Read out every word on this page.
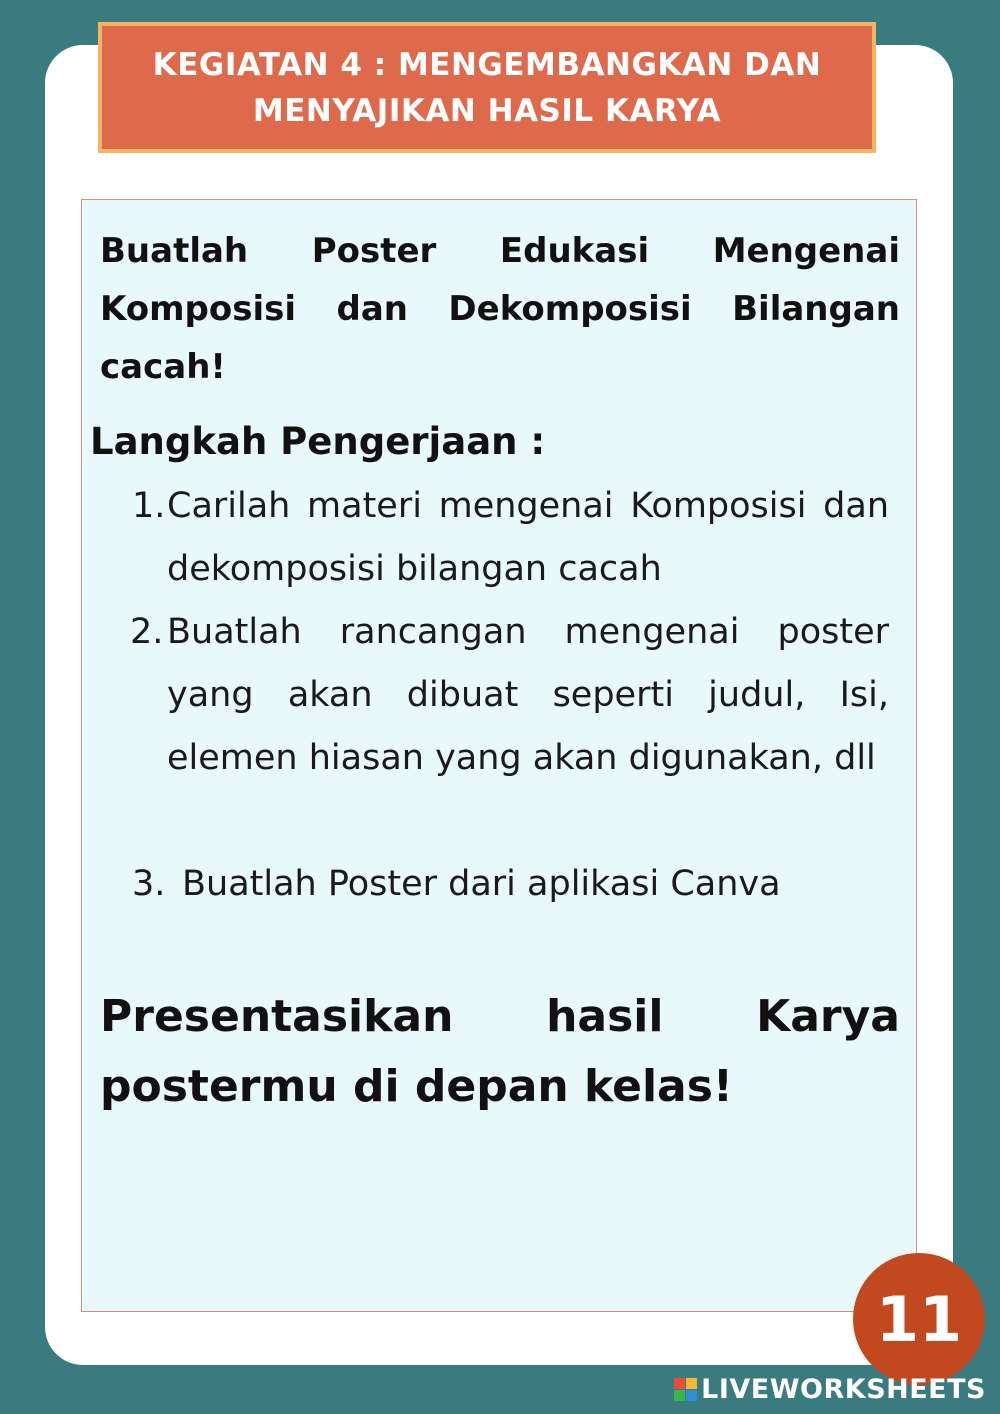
KEGIATAN 4 : MENGEMBANGKAN DAN
MENYAJIKAN HASIL KARYA

Buatlah Poster Edukasi Mengenai Komposisi dan Dekomposisi Bilangan cacah!

Langkah Pengerjaan :

1. Carilah materi mengenai Komposisi dan dekomposisi bilangan cacah

2. Buatlah rancangan mengenai poster yang akan dibuat seperti judul, Isi, elemen hiasan yang akan digunakan, dll

3. Buatlah Poster dari aplikasi Canva

Presentasikan hasil Karya postermu di depan kelas!

11
LIVEWORKSHEETS
